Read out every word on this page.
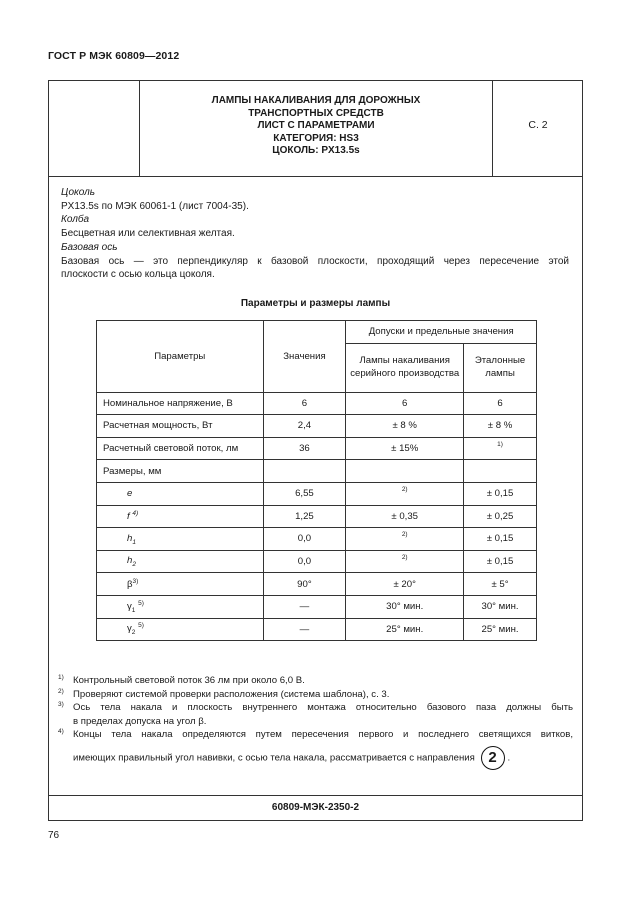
ГОСТ Р МЭК 60809—2012
ЛАМПЫ НАКАЛИВАНИЯ ДЛЯ ДОРОЖНЫХ
ТРАНСПОРТНЫХ СРЕДСТВ
ЛИСТ С ПАРАМЕТРАМИ
КАТЕГОРИЯ: HS3
ЦОКОЛЬ: PX13.5s
С. 2
Цоколь
PX13.5s по МЭК 60061-1 (лист 7004-35).
Колба
Бесцветная или селективная желтая.
Базовая ось
Базовая ось — это перпендикуляр к базовой плоскости, проходящий через пересечение этой
плоскости с осью кольца цоколя.
Параметры и размеры лампы
Параметры	Значения	Допуски и предельные значения	
		Лампы накаливания серийного производства	Эталонные лампы
Номинальное напряжение, В	6	6	6
Расчетная мощность, Вт	2,4	± 8 %	± 8 %
Расчетный световой поток, лм	36	± 15%	$^{1)}$
Размеры, мм			
e	6,55	$^{2)}$	± 0,15
f $^{4)}$	1,25	± 0,35	± 0,25
$h_1$	0,0	$^{2)}$	± 0,15
$h_2$	0,0	$^{2)}$	± 0,15
$\beta^{3)}$	90°	± 20°	± 5°
$\gamma_1$ $^{5)}$	—	30° мин.	30° мин.
$\gamma_2$ $^{5)}$	—	25° мин.	25° мин.
1) Контрольный световой поток 36 лм при около 6,0 В.
2) Проверяют системой проверки расположения (система шаблона), с. 3.
3) Ось тела накала и плоскость внутреннего монтажа относительно базового паза должны быть
в пределах допуска на угол β.
4) Концы тела накала определяются путем пересечения первого и последнего светящихся витков,
имеющих правильный угол навивки, с осью тела накала, рассматривается с направления 2 .
60809-МЭК-2350-2
76
